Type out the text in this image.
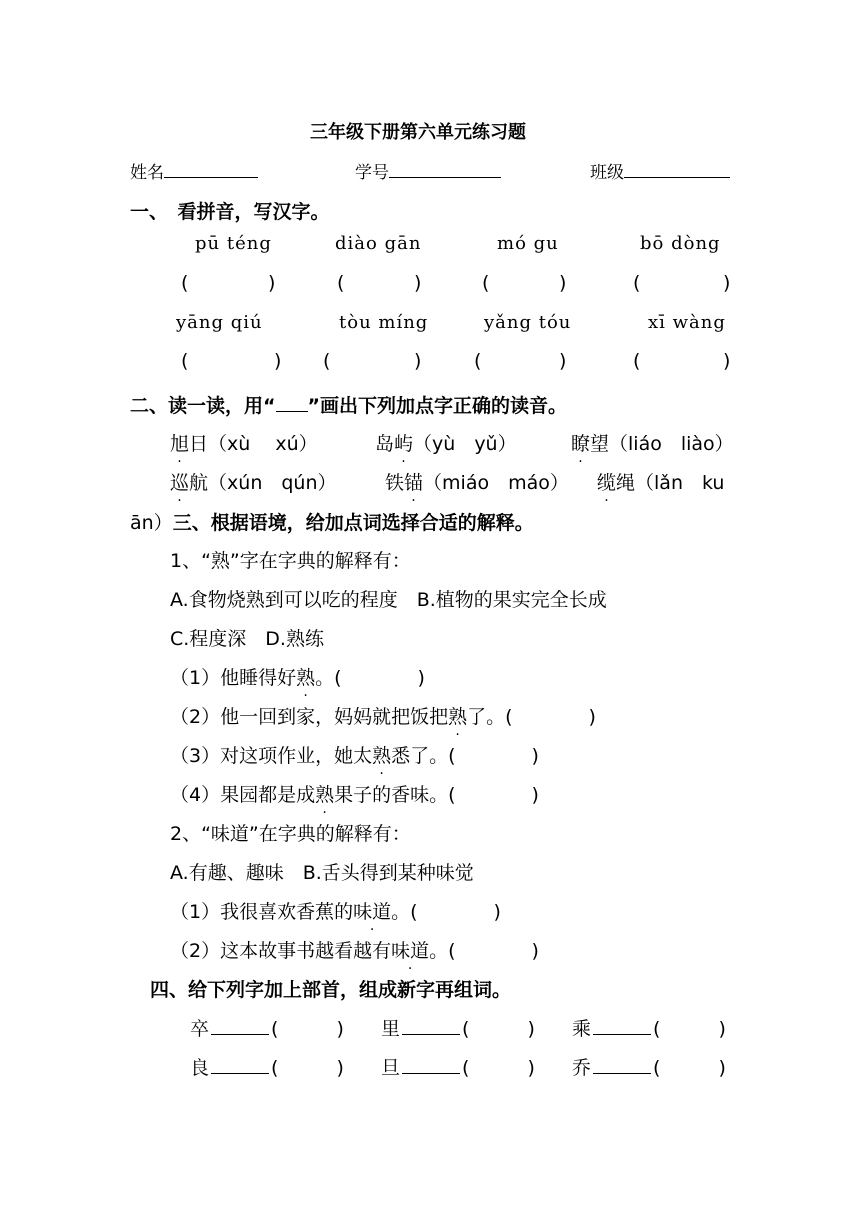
三年级下册第六单元练习题
姓名	学号	班级
一、　看拼音，写汉字。
pū téng	diào gān	mó gu	bō dòng
(	)	(	)	(	)	(	)
yāng qiú	tòu míng	yǎng tóu	xī wàng
(	) (	)	(	)	(	)
二、读一读，用“ ”画出下列加点字正确的读音。
旭日（xù　 xú）	岛屿（yù　yǔ）	瞭望（liáo　liào）
巡航（xún　qún）	铁锚（miáo　máo） 缆绳（lǎn　ku
ān）三、根据语境，给加点词选择合适的解释。
1、“熟”字在字典的解释有：
A.食物烧熟到可以吃的程度　B.植物的果实完全长成
C.程度深　D.熟练
（1）他睡得好熟。(　　　　)
（2）他一回到家，妈妈就把饭把熟了。(　　　　)
（3）对这项作业，她太熟悉了。(　　　　)
（4）果园都是成熟果子的香味。(　　　　)
2、“味道”在字典的解释有：
A.有趣、趣味　B.舌头得到某种味觉
（1）我很喜欢香蕉的味道。(　　　　)
（2）这本故事书越看越有味道。(　　　　)
四、给下列字加上部首，组成新字再组词。
卒	(	) 里	(	) 乘	(	)
良	(	) 旦	(	) 乔	(	)
